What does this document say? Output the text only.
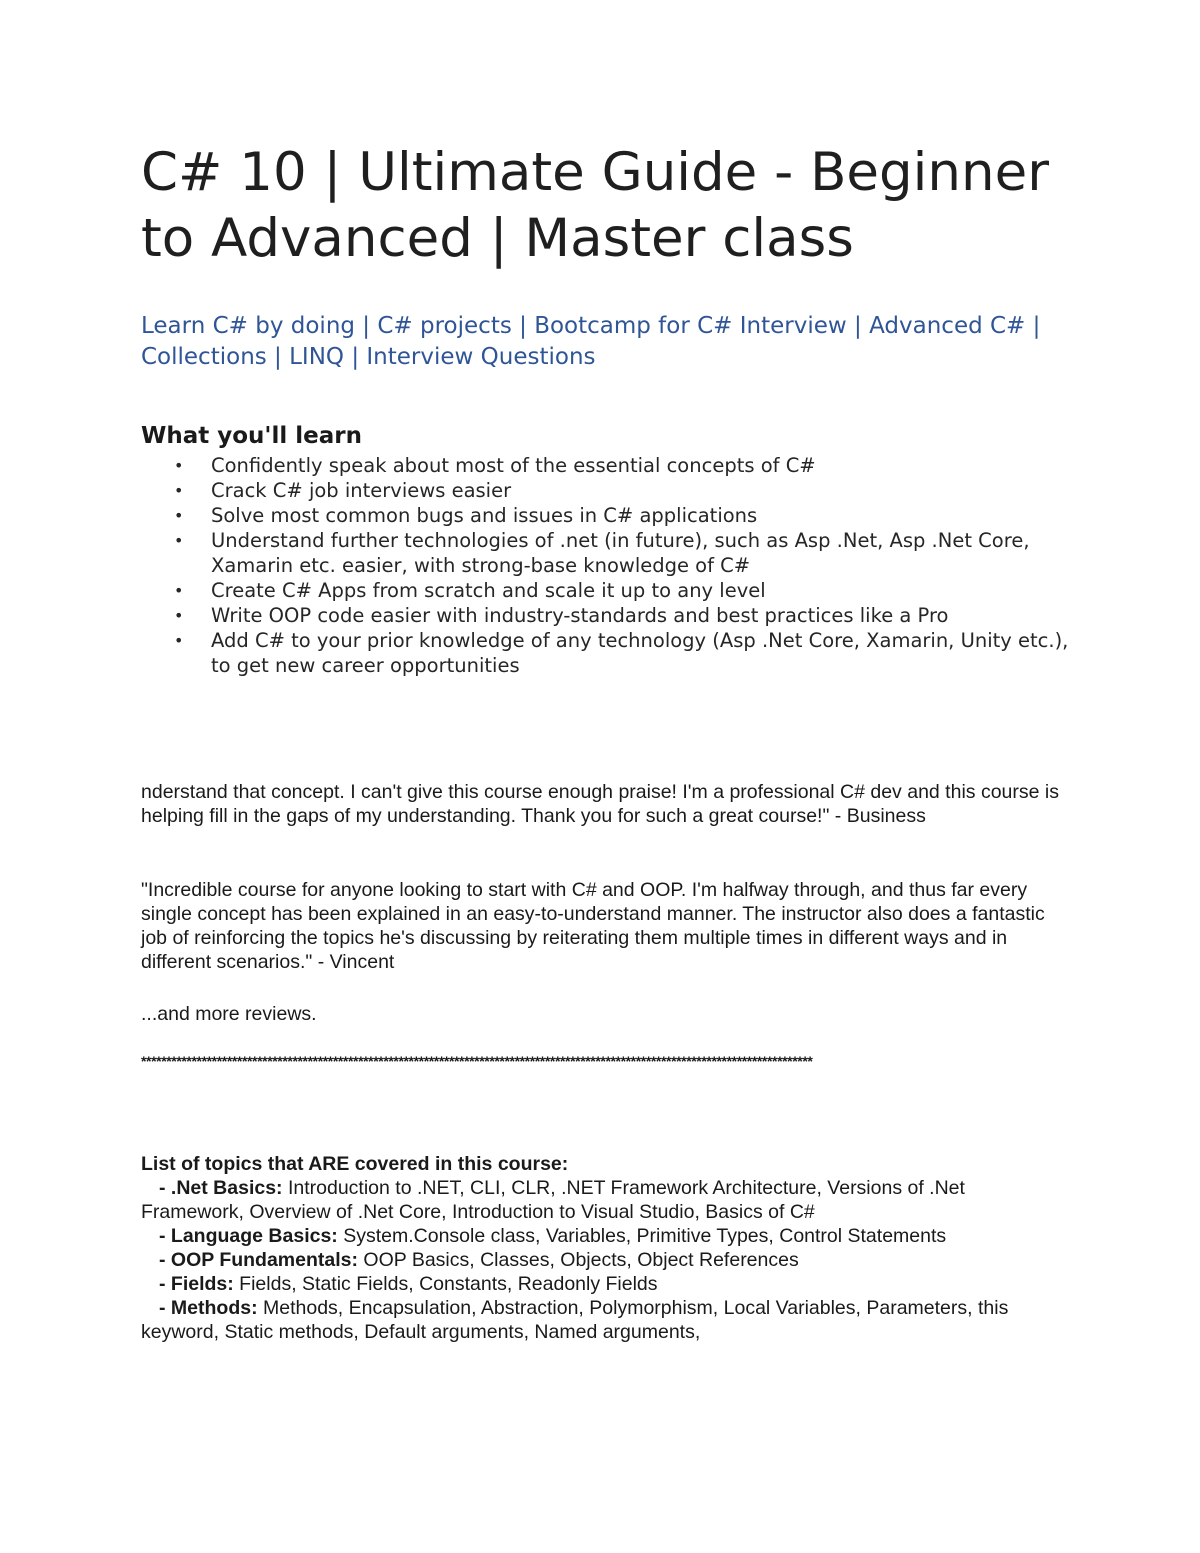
C# 10 | Ultimate Guide - Beginner to Advanced | Master class

Learn C# by doing | C# projects | Bootcamp for C# Interview | Advanced C# | Collections | LINQ | Interview Questions

What you'll learn
• Confidently speak about most of the essential concepts of C#
• Crack C# job interviews easier
• Solve most common bugs and issues in C# applications
• Understand further technologies of .net (in future), such as Asp .Net, Asp .Net Core, Xamarin etc. easier, with strong-base knowledge of C#
• Create C# Apps from scratch and scale it up to any level
• Write OOP code easier with industry-standards and best practices like a Pro
• Add C# to your prior knowledge of any technology (Asp .Net Core, Xamarin, Unity etc.), to get new career opportunities

nderstand that concept. I can't give this course enough praise! I'm a professional C# dev and this course is helping fill in the gaps of my understanding. Thank you for such a great course!" - Business

"Incredible course for anyone looking to start with C# and OOP. I'm halfway through, and thus far every single concept has been explained in an easy-to-understand manner. The instructor also does a fantastic job of reinforcing the topics he's discussing by reiterating them multiple times in different ways and in different scenarios." - Vincent

...and more reviews.

*************************************************************************************************************************************

List of topics that ARE covered in this course:

- .Net Basics: Introduction to .NET, CLI, CLR, .NET Framework Architecture, Versions of .Net Framework, Overview of .Net Core, Introduction to Visual Studio, Basics of C#

- Language Basics: System.Console class, Variables, Primitive Types, Control Statements

- OOP Fundamentals: OOP Basics, Classes, Objects, Object References

- Fields: Fields, Static Fields, Constants, Readonly Fields

- Methods: Methods, Encapsulation, Abstraction, Polymorphism, Local Variables, Parameters, this keyword, Static methods, Default arguments, Named arguments,
